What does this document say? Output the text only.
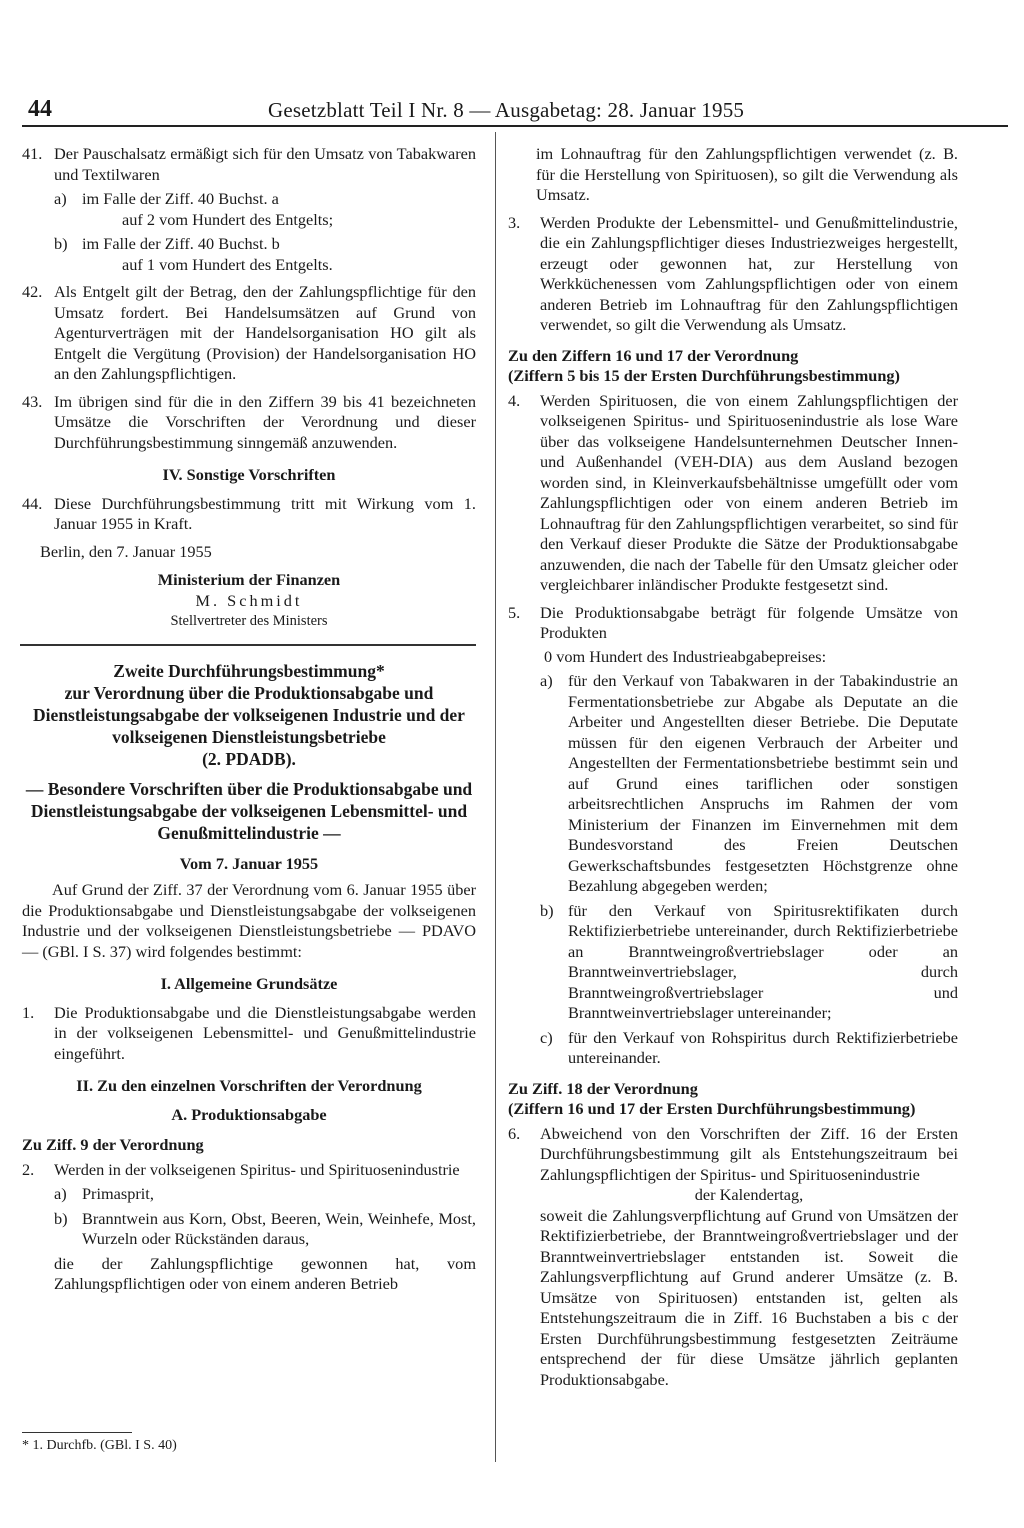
44	Gesetzblatt Teil I Nr. 8 — Ausgabetag: 28. Januar 1955
41. Der Pauschalsatz ermäßigt sich für den Umsatz von Tabakwaren und Textilwaren

a) im Falle der Ziff. 40 Buchst. a

auf 2 vom Hundert des Entgelts;

b) im Falle der Ziff. 40 Buchst. b

auf 1 vom Hundert des Entgelts.

42. Als Entgelt gilt der Betrag, den der Zahlungspflichtige für den Umsatz fordert. Bei Handelsumsätzen auf Grund von Agenturverträgen mit der Handelsorganisation HO gilt als Entgelt die Vergütung (Provision) der Handelsorganisation HO an den Zahlungspflichtigen.

43. Im übrigen sind für die in den Ziffern 39 bis 41 bezeichneten Umsätze die Vorschriften der Verordnung und dieser Durchführungsbestimmung sinngemäß anzuwenden.

IV. Sonstige Vorschriften

44. Diese Durchführungsbestimmung tritt mit Wirkung vom 1. Januar 1955 in Kraft.

Berlin, den 7. Januar 1955

Ministerium der Finanzen

M. Schmidt

Stellvertreter des Ministers

Zweite Durchführungsbestimmung*

zur Verordnung über die Produktionsabgabe und Dienstleistungsabgabe der volkseigenen Industrie und der volkseigenen Dienstleistungsbetriebe

(2. PDADB).

— Besondere Vorschriften über die Produktionsabgabe und Dienstleistungsabgabe der volkseigenen Lebensmittel- und Genußmittelindustrie —

Vom 7. Januar 1955

Auf Grund der Ziff. 37 der Verordnung vom 6. Januar 1955 über die Produktionsabgabe und Dienstleistungsabgabe der volkseigenen Industrie und der volkseigenen Dienstleistungsbetriebe — PDAVO — (GBl. I S. 37) wird folgendes bestimmt:

I. Allgemeine Grundsätze

1. Die Produktionsabgabe und die Dienstleistungsabgabe werden in der volkseigenen Lebensmittel- und Genußmittelindustrie eingeführt.

II. Zu den einzelnen Vorschriften der Verordnung

A. Produktionsabgabe

Zu Ziff. 9 der Verordnung

2. Werden in der volkseigenen Spiritus- und Spirituosenindustrie

a) Primasprit,

b) Branntwein aus Korn, Obst, Beeren, Wein, Weinhefe, Most, Wurzeln oder Rückständen daraus,

die der Zahlungspflichtige gewonnen hat, vom Zahlungspflichtigen oder von einem anderen Betrieb

* 1. Durchfb. (GBl. I S. 40)

im Lohnauftrag für den Zahlungspflichtigen verwendet (z. B. für die Herstellung von Spirituosen), so gilt die Verwendung als Umsatz.

3. Werden Produkte der Lebensmittel- und Genußmittelindustrie, die ein Zahlungspflichtiger dieses Industriezweiges hergestellt, erzeugt oder gewonnen hat, zur Herstellung von Werkküchenessen vom Zahlungspflichtigen oder von einem anderen Betrieb im Lohnauftrag für den Zahlungspflichtigen verwendet, so gilt die Verwendung als Umsatz.

Zu den Ziffern 16 und 17 der Verordnung

(Ziffern 5 bis 15 der Ersten Durchführungsbestimmung)

4. Werden Spirituosen, die von einem Zahlungspflichtigen der volkseigenen Spiritus- und Spirituosenindustrie als lose Ware über das volkseigene Handelsunternehmen Deutscher Innen- und Außenhandel (VEH-DIA) aus dem Ausland bezogen worden sind, in Kleinverkaufsbehältnisse umgefüllt oder vom Zahlungspflichtigen oder von einem anderen Betrieb im Lohnauftrag für den Zahlungspflichtigen verarbeitet, so sind für den Verkauf dieser Produkte die Sätze der Produktionsabgabe anzuwenden, die nach der Tabelle für den Umsatz gleicher oder vergleichbarer inländischer Produkte festgesetzt sind.

5. Die Produktionsabgabe beträgt für folgende Umsätze von Produkten

0 vom Hundert des Industrieabgabepreises:

a) für den Verkauf von Tabakwaren in der Tabakindustrie an Fermentationsbetriebe zur Abgabe als Deputate an die Arbeiter und Angestellten dieser Betriebe. Die Deputate müssen für den eigenen Verbrauch der Arbeiter und Angestellten der Fermentationsbetriebe bestimmt sein und auf Grund eines tariflichen oder sonstigen arbeitsrechtlichen Anspruchs im Rahmen der vom Ministerium der Finanzen im Einvernehmen mit dem Bundesvorstand des Freien Deutschen Gewerkschaftsbundes festgesetzten Höchstgrenze ohne Bezahlung abgegeben werden;

b) für den Verkauf von Spiritusrektifikaten durch Rektifizierbetriebe untereinander, durch Rektifizierbetriebe an Branntweingroßvertriebslager oder an Branntweinvertriebslager, durch Branntweingroßvertriebslager und Branntweinvertriebslager untereinander;

c) für den Verkauf von Rohspiritus durch Rektifizierbetriebe untereinander.

Zu Ziff. 18 der Verordnung

(Ziffern 16 und 17 der Ersten Durchführungsbestimmung)

6. Abweichend von den Vorschriften der Ziff. 16 der Ersten Durchführungsbestimmung gilt als Entstehungszeitraum bei Zahlungspflichtigen der Spiritus- und Spirituosenindustrie

der Kalendertag,

soweit die Zahlungsverpflichtung auf Grund von Umsätzen der Rektifizierbetriebe, der Branntweingroßvertriebslager und der Branntweinvertriebslager entstanden ist. Soweit die Zahlungsverpflichtung auf Grund anderer Umsätze (z. B. Umsätze von Spirituosen) entstanden ist, gelten als Entstehungszeitraum die in Ziff. 16 Buchstaben a bis c der Ersten Durchführungsbestimmung festgesetzten Zeiträume entsprechend der für diese Umsätze jährlich geplanten Produktionsabgabe.
